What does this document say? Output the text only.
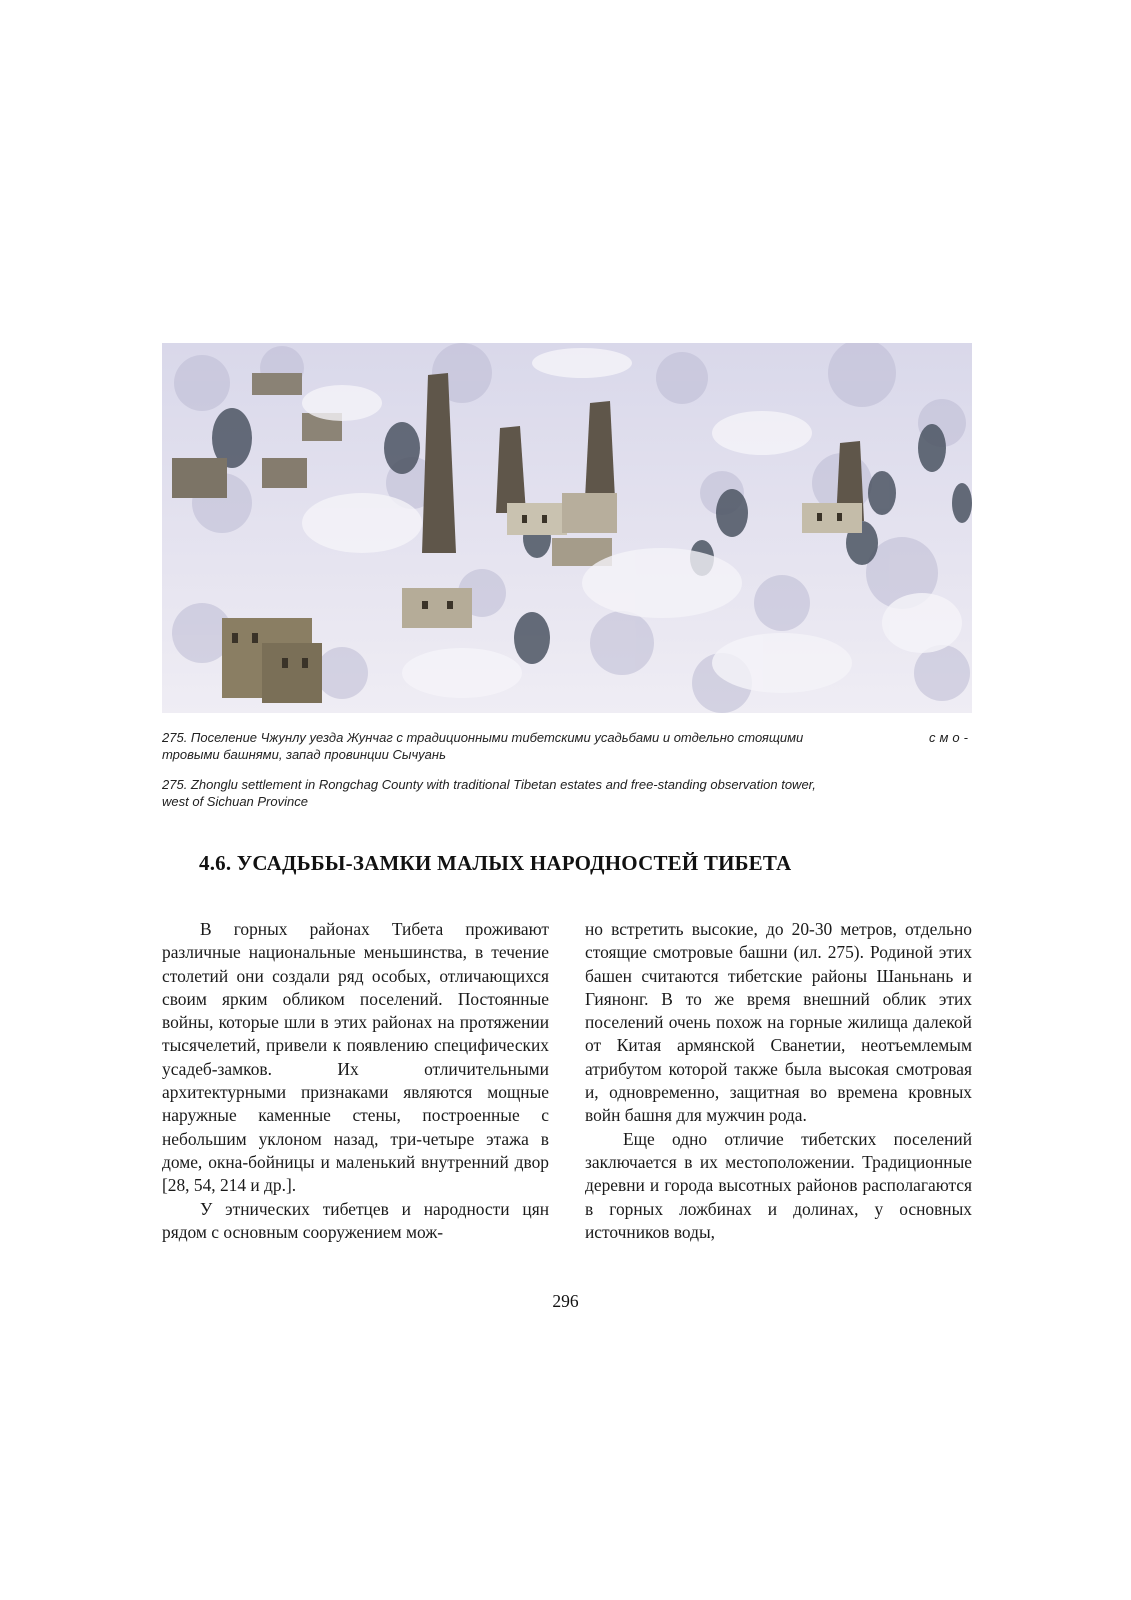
275. Поселение Чжунлу уезда Жунчаг с традиционными тибетскими усадьбами и отдельно стоящими	смо-
тровыми башнями, запад провинции Сычуань
275. Zhonglu settlement in Rongchag County with traditional Tibetan estates and free-standing observation tower,
west of Sichuan Province
4.6. УСАДЬБЫ-ЗАМКИ МАЛЫХ НАРОДНОСТЕЙ ТИБЕТА

В горных районах Тибета проживают различные национальные меньшинства, в течение столетий они создали ряд особых, отличающихся своим ярким обликом поселений. Постоянные войны, которые шли в этих районах на протяжении тысячелетий, привели к появлению специфических усадеб-замков. Их отличительными архитектурными признаками являются мощные наружные каменные стены, построенные с небольшим уклоном назад, три-четыре этажа в доме, окна-бойницы и маленький внутренний двор [28, 54, 214 и др.].

У этнических тибетцев и народности цян рядом с основным сооружением мож-

но встретить высокие, до 20-30 метров, отдельно стоящие смотровые башни (ил. 275). Родиной этих башен считаются тибетские районы Шаньнань и Гиянонг. В то же время внешний облик этих поселений очень похож на горные жилища далекой от Китая армянской Сванетии, неотъемлемым атрибутом которой также была высокая смотровая и, одновременно, защитная во времена кровных войн башня для мужчин рода.

Еще одно отличие тибетских поселений заключается в их местоположении. Традиционные деревни и города высотных районов располагаются в горных ложбинах и долинах, у основных источников воды,

296
